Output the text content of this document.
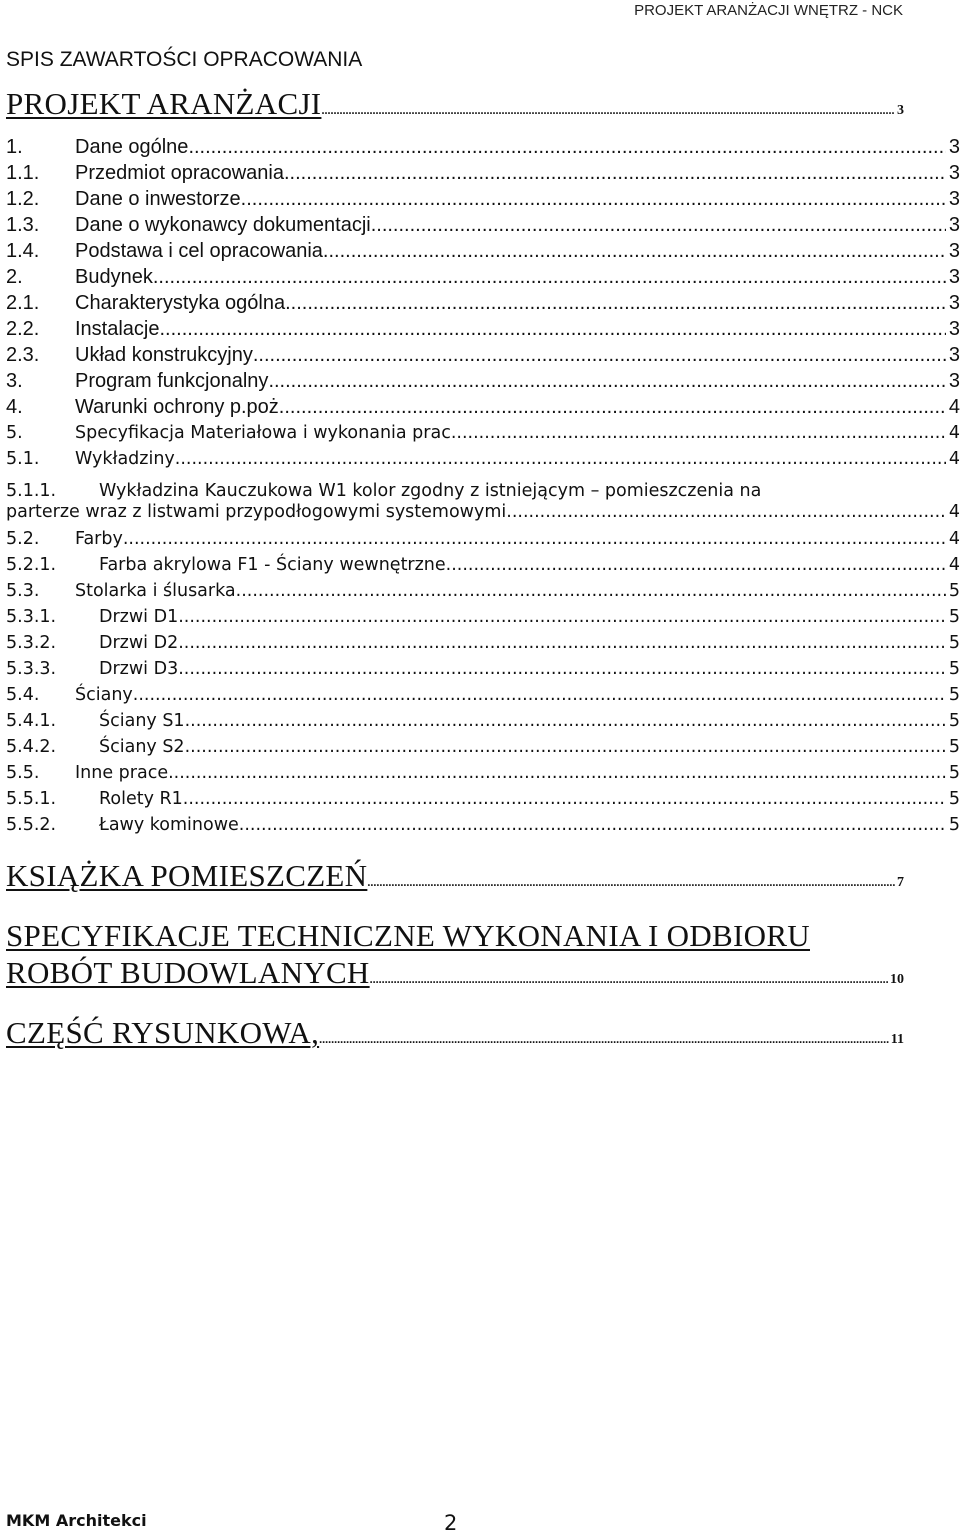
PROJEKT ARANŻACJI WNĘTRZ - NCK
SPIS ZAWARTOŚCI OPRACOWANIA
PROJEKT ARANŻACJI .....	3
1.	Dane ogólne .....	3
1.1.	Przedmiot opracowania .....	3
1.2.	Dane o inwestorze .....	3
1.3.	Dane o wykonawcy dokumentacji .....	3
1.4.	Podstawa i cel opracowania .....	3
2.	Budynek .....	3
2.1.	Charakterystyka ogólna .....	3
2.2.	Instalacje .....	3
2.3.	Układ konstrukcyjny .....	3
3.	Program funkcjonalny .....	3
4.	Warunki ochrony p.poż. .....	4
5.	Specyfikacja Materiałowa i wykonania prac .....	4
5.1.	Wykładziny .....	4
5.1.1. Wykładzina Kauczukowa W1 kolor zgodny z istniejącym – pomieszczenia na
parterze wraz z listwami przypodłogowymi systemowymi. .....	4
5.2.	Farby .....	4
5.2.1.	Farba akrylowa F1 - Ściany wewnętrzne .....	4
5.3.	Stolarka i ślusarka .....	5
5.3.1.	Drzwi D1 .....	5
5.3.2.	Drzwi D2 .....	5
5.3.3.	Drzwi D3 .....	5
5.4.	Ściany .....	5
5.4.1.	Ściany S1 .....	5
5.4.2.	Ściany S2 .....	5
5.5.	Inne prace .....	5
5.5.1.	Rolety R1 .....	5
5.5.2.	Ławy kominowe. .....	5
KSIĄŻKA POMIESZCZEŃ .....	7
SPECYFIKACJE TECHNICZNE WYKONANIA I ODBIORU
ROBÓT BUDOWLANYCH .....	10
CZĘŚĆ RYSUNKOWA, .....	11
MKM Architekci	2
